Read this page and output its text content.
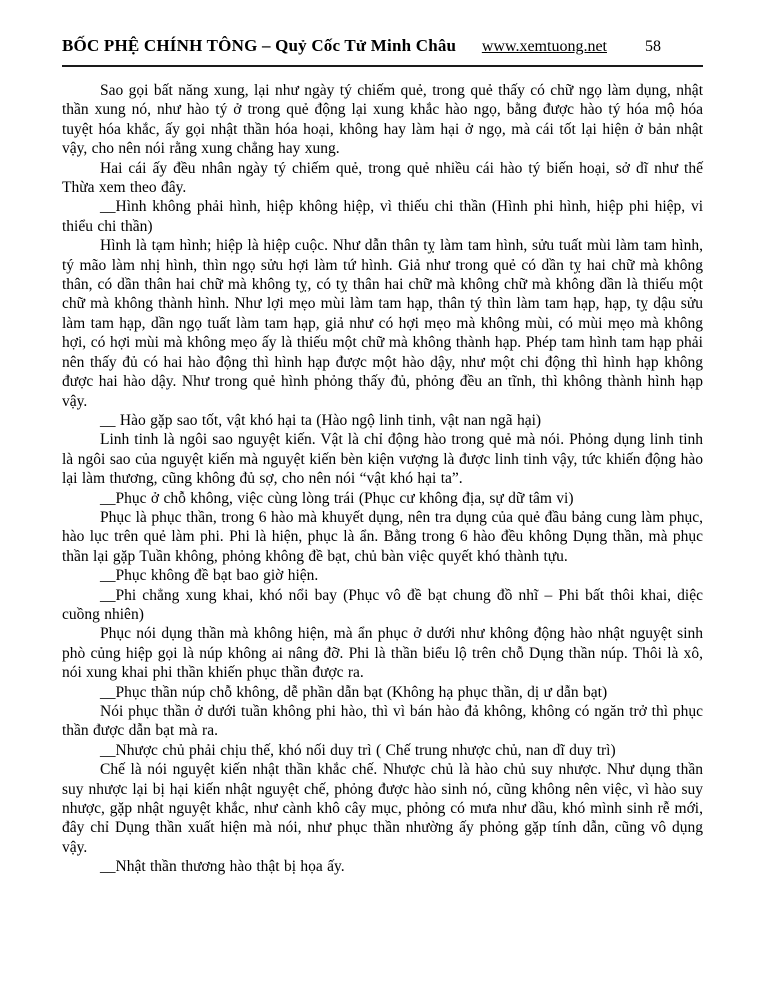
BỐC PHỆ CHÍNH TÔNG – Quỷ Cốc Tử Minh Châu	www.xemtuong.net 58

Sao gọi bất năng xung, lại như ngày tý chiếm quẻ, trong quẻ thấy có chữ ngọ làm dụng, nhật thần xung nó, như hào tý ở trong quẻ động lại xung khắc hào ngọ, bằng được hào tý hóa mộ hóa tuyệt hóa khắc, ấy gọi nhật thần hóa hoại, không hay làm hại ở ngọ, mà cái tốt lại hiện ở bản nhật vậy, cho nên nói rằng xung chẳng hay xung.

Hai cái ấy đều nhân ngày tý chiếm quẻ, trong quẻ nhiều cái hào tý biến hoại, sở dĩ như thế Thừa xem theo đây.

__Hình không phải hình, hiệp không hiệp, vì thiếu chi thần (Hình phi hình, hiệp phi hiệp, vi thiểu chi thần)

Hình là tạm hình; hiệp là hiệp cuộc. Như dẫn thân tỵ làm tam hình, sửu tuất mùi làm tam hình, tý mão làm nhị hình, thìn ngọ sửu hợi làm tứ hình. Giả như trong quẻ có dần tỵ hai chữ mà không thân, có dần thân hai chữ mà không tỵ, có tỵ thân hai chữ mà không chữ mà không dần là thiếu một chữ mà không thành hình. Như lợi mẹo mùi làm tam hạp, thân tý thìn làm tam hạp, hạp, tỵ dậu sửu làm tam hạp, dần ngọ tuất làm tam hạp, giả như có hợi mẹo mà không mùi, có mùi mẹo mà không hợi, có hợi mùi mà không mẹo ấy là thiếu một chữ mà không thành hạp. Phép tam hình tam hạp phải nên thấy đủ có hai hào động thì hình hạp được một hào dậy, như một chi động thì hình hạp không được hai hào dậy. Như trong quẻ hình phỏng thấy đủ, phỏng đều an tĩnh, thì không thành hình hạp vậy.

__ Hào gặp sao tốt, vật khó hại ta (Hào ngộ linh tinh, vật nan ngã hại)

Linh tinh là ngôi sao nguyệt kiến. Vật là chỉ động hào trong quẻ mà nói. Phỏng dụng linh tinh là ngôi sao của nguyệt kiến mà nguyệt kiến bèn kiện vượng là được linh tinh vậy, tức khiến động hào lại làm thương, cũng không đủ sợ, cho nên nói “vật khó hại ta”.

__Phục ở chỗ không, việc cùng lòng trái (Phục cư không địa, sự dữ tâm vi)

Phục là phục thần, trong 6 hào mà khuyết dụng, nên tra dụng của quẻ đầu bảng cung làm phục, hào lục trên quẻ làm phi. Phi là hiện, phục là ẩn. Bằng trong 6 hào đều không Dụng thần, mà phục thần lại gặp Tuần không, phỏng không đề bạt, chủ bàn việc quyết khó thành tựu.

__Phục không đề bạt bao giờ hiện.

__Phi chẳng xung khai, khó nổi bay (Phục vô đề bạt chung đồ nhĩ – Phi bất thôi khai, diệc cuồng nhiên)

Phục nói dụng thần mà không hiện, mà ẩn phục ở dưới như không động hào nhật nguyệt sinh phò củng hiệp gọi là núp không ai nâng đỡ. Phi là thần biểu lộ trên chỗ Dụng thần núp. Thôi là xô, nói xung khai phi thần khiến phục thần được ra.

__Phục thần núp chỗ không, dễ phần dẫn bạt (Không hạ phục thần, dị ư dẫn bạt)

Nói phục thần ở dưới tuần không phi hào, thì vì bán hào đả không, không có ngăn trở thì phục thần được dẫn bạt mà ra.

__Nhược chủ phải chịu thế, khó nối duy trì ( Chế trung nhược chủ, nan dĩ duy trì)

Chế là nói nguyệt kiến nhật thần khắc chế. Nhược chủ là hào chủ suy nhược. Như dụng thần suy nhược lại bị hại kiến nhật nguyệt chế, phỏng được hào sinh nó, cũng không nên việc, vì hào suy nhược, gặp nhật nguyệt khắc, như cành khô cây mục, phỏng có mưa như dầu, khó mình sinh rễ mới, đây chỉ Dụng thần xuất hiện mà nói, như phục thần nhường ấy phỏng gặp tính dẫn, cũng vô dụng vậy.

__Nhật thần thương hào thật bị họa ấy.
